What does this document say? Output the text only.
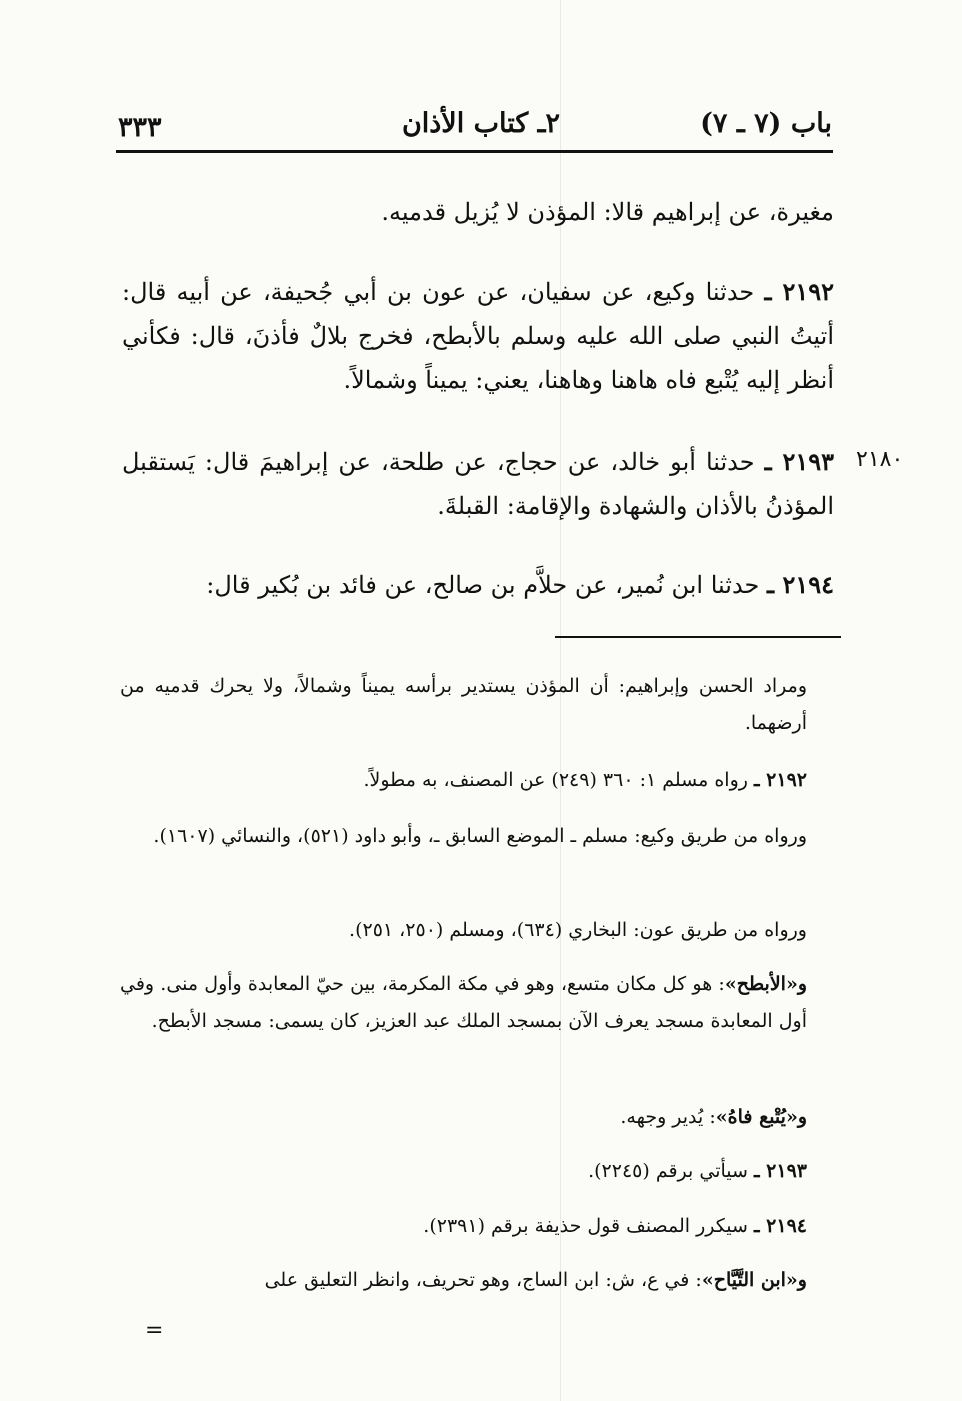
باب (٧ ـ ٧)
٢ـ كتاب الأذان
٣٣٣
مغيرة، عن إبراهيم قالا: المؤذن لا يُزيل قدميه.
٢١٩٢ ـ حدثنا وكيع، عن سفيان، عن عون بن أبي جُحيفة، عن أبيه قال: أتيتُ النبي صلى الله عليه وسلم بالأبطح، فخرج بلالٌ فأذنَ، قال: فكأني أنظر إليه يُتْبع فاه هاهنا وهاهنا، يعني: يميناً وشمالاً.
٢١٨٠
٢١٩٣ ـ حدثنا أبو خالد، عن حجاج، عن طلحة، عن إبراهيمَ قال: يَستقبل المؤذنُ بالأذان والشهادة والإقامة: القبلةَ.
٢١٩٤ ـ حدثنا ابن نُمير، عن حلاَّم بن صالح، عن فائد بن بُكير قال:
ومراد الحسن وإبراهيم: أن المؤذن يستدير برأسه يميناً وشمالاً، ولا يحرك قدميه من أرضهما.
٢١٩٢ ـ رواه مسلم ١: ٣٦٠ (٢٤٩) عن المصنف، به مطولاً.
ورواه من طريق وكيع: مسلم ـ الموضع السابق ـ، وأبو داود (٥٢١)، والنسائي (١٦٠٧).
ورواه من طريق عون: البخاري (٦٣٤)، ومسلم (٢٥٠، ٢٥١).
و«الأبطح»: هو كل مكان متسع، وهو في مكة المكرمة، بين حيّ المعابدة وأول منى. وفي أول المعابدة مسجد يعرف الآن بمسجد الملك عبد العزيز، كان يسمى: مسجد الأبطح.
و«يُتْبع فاهُ»: يُدير وجهه.
٢١٩٣ ـ سيأتي برقم (٢٢٤٥).
٢١٩٤ ـ سيكرر المصنف قول حذيفة برقم (٢٣٩١).
و«ابن التَّيَّاح»: في ع، ش: ابن الساج، وهو تحريف، وانظر التعليق على
=
